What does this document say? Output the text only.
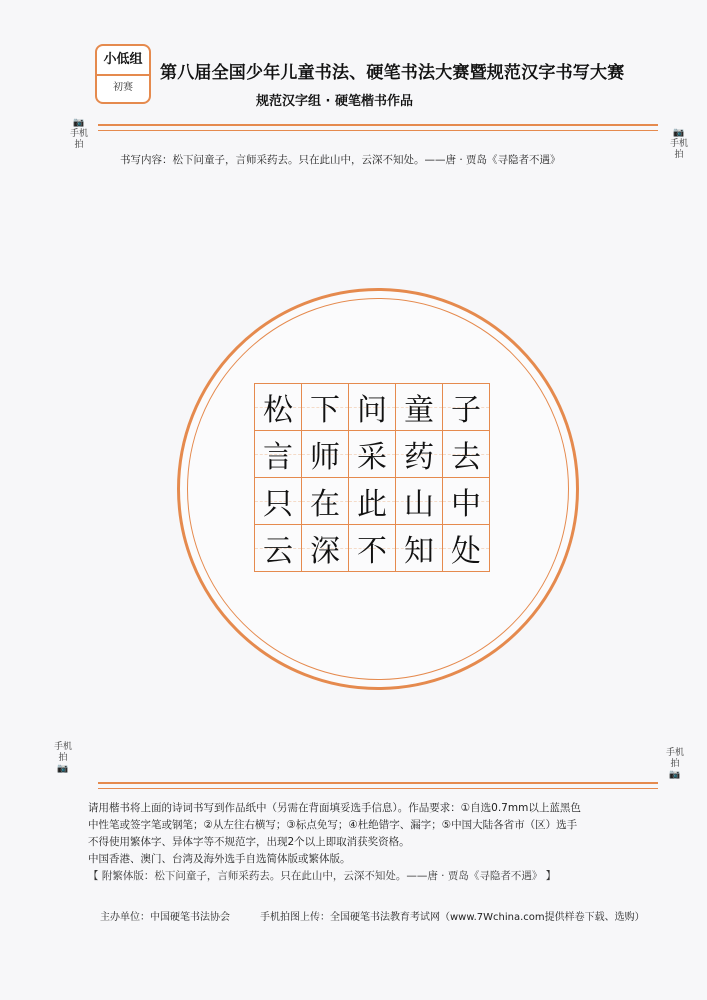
小低组
初赛
第八届全国少年儿童书法、硬笔书法大赛暨规范汉字书写大赛
规范汉字组 · 硬笔楷书作品
📷
手机拍
📷
手机拍
书写内容：松下问童子，言师采药去。只在此山中，云深不知处。——唐 · 贾岛《寻隐者不遇》
松 下 问 童 子
言 师 采 药 去
只 在 此 山 中
云 深 不 知 处
手机拍
📷
手机拍
📷

请用楷书将上面的诗词书写到作品纸中（另需在背面填妥选手信息）。作品要求：①自选0.7mm以上蓝黑色

中性笔或签字笔或钢笔；②从左往右横写；③标点免写；④杜绝错字、漏字；⑤中国大陆各省市（区）选手

不得使用繁体字、异体字等不规范字，出现2个以上即取消获奖资格。

中国香港、澳门、台湾及海外选手自选简体版或繁体版。

【 附繁体版：松下问童子，言师采药去。只在此山中，云深不知处。——唐 · 贾岛《寻隐者不遇》 】

主办单位：中国硬笔书法协会	手机拍图上传：全国硬笔书法教育考试网（www.7Wchina.com提供样卷下载、选购）
